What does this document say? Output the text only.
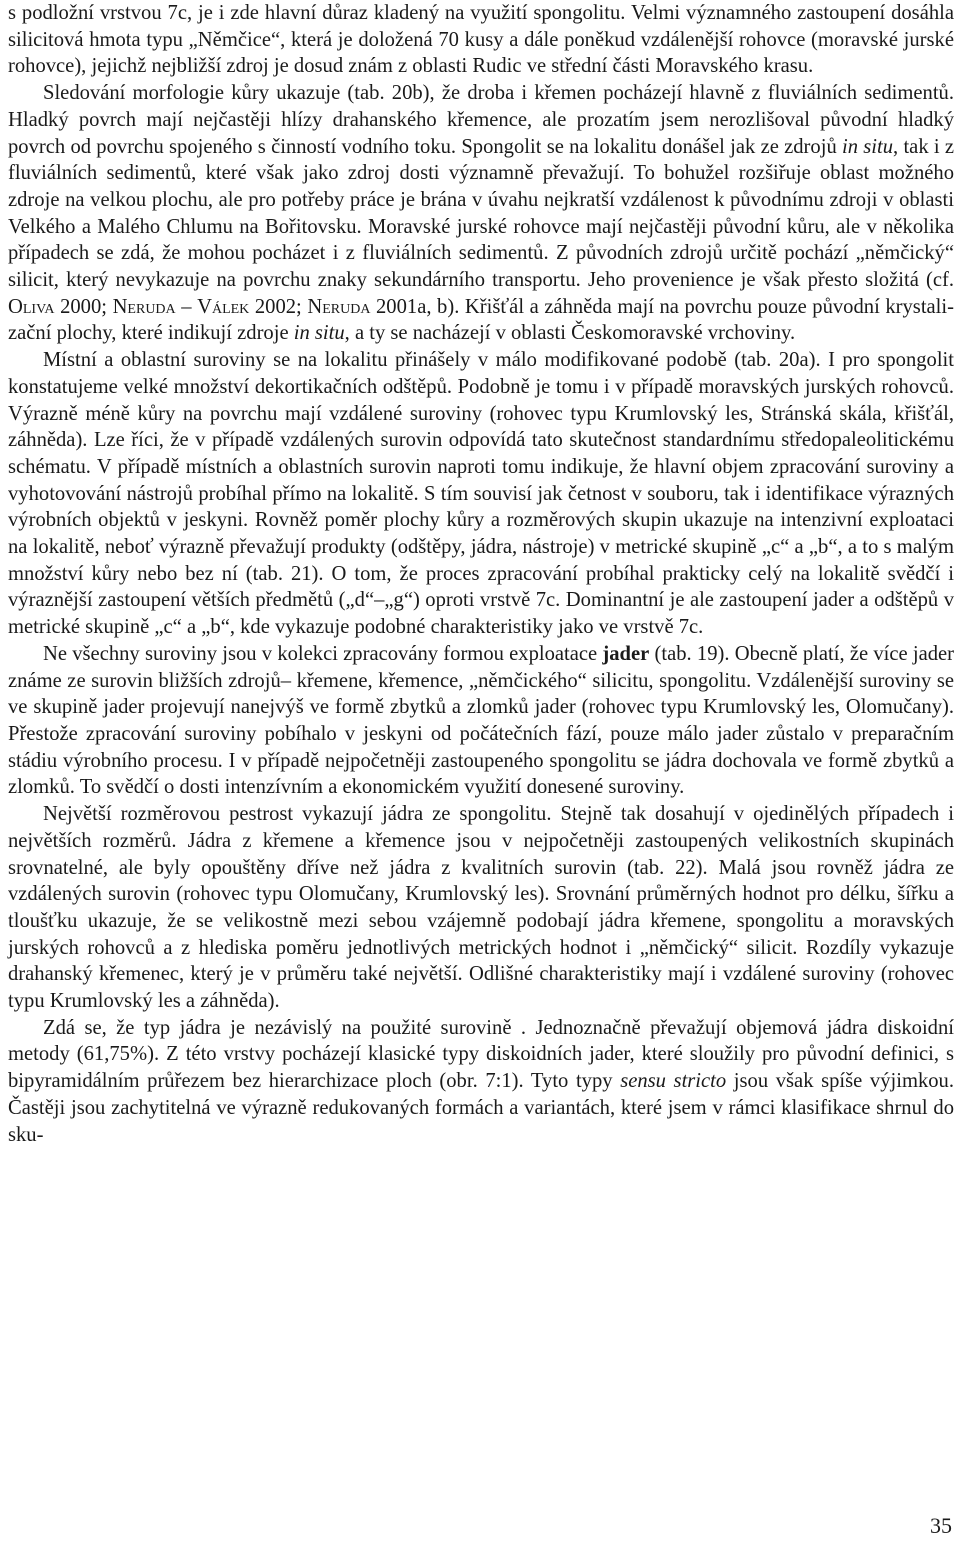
s podložní vrstvou 7c, je i zde hlavní důraz kladený na využití spongolitu. Velmi významného zastoupení dosáhla silicitová hmota typu „Němčice“, která je doložená 70 kusy a dále poněkud vzdálenější rohovce (moravské jurské rohovce), jejichž nejbližší zdroj je dosud znám z oblasti Rudic ve střední části Moravského krasu.

Sledování morfologie kůry ukazuje (tab. 20b), že droba i křemen pocházejí hlavně z fluviálních sedimentů. Hladký povrch mají nejčastěji hlízy drahanského křemence, ale prozatím jsem nerozlišoval původní hladký povrch od povrchu spojeného s činností vodního toku. Spongolit se na lokalitu donášel jak ze zdrojů in situ, tak i z fluviálních sedimentů, které však jako zdroj dosti významně převažují. To bohužel rozšiřuje oblast možného zdroje na velkou plochu, ale pro potřeby práce je brána v úvahu nejkratší vzdálenost k původnímu zdroji v oblasti Velkého a Malého Chlumu na Bořitovsku. Moravské jurské rohovce mají nejčastěji původní kůru, ale v několika případech se zdá, že mohou pocházet i z fluviálních sedimentů. Z původních zdrojů určitě pochází „němčický“ silicit, který nevykazuje na povrchu znaky sekundárního transportu. Jeho provenience je však přesto složitá (cf. Oliva 2000; Neruda – Válek 2002; Neruda 2001a, b). Křišťál a záhněda mají na povrchu pouze původní krystalizační plochy, které indikují zdroje in situ, a ty se nacházejí v oblasti Českomoravské vrchoviny.

Místní a oblastní suroviny se na lokalitu přinášely v málo modifikované podobě (tab. 20a). I pro spongolit konstatujeme velké množství dekortikačních odštěpů. Podobně je tomu i v případě moravských jurských rohovců. Výrazně méně kůry na povrchu mají vzdálené suroviny (rohovec typu Krumlovský les, Stránská skála, křišťál, záhněda). Lze říci, že v případě vzdálených surovin odpovídá tato skutečnost standardnímu středopaleolitickému schématu. V případě místních a oblastních surovin naproti tomu indikuje, že hlavní objem zpracování suroviny a vyhotovování nástrojů probíhal přímo na lokalitě. S tím souvisí jak četnost v souboru, tak i identifikace výrazných výrobních objektů v jeskyni. Rovněž poměr plochy kůry a rozměrových skupin ukazuje na intenzivní exploataci na lokalitě, neboť výrazně převažují produkty (odštěpy, jádra, nástroje) v metrické skupině „c“ a „b“, a to s malým množství kůry nebo bez ní (tab. 21). O tom, že proces zpracování probíhal prakticky celý na lokalitě svědčí i výraznější zastoupení větších předmětů („d“–„g“) oproti vrstvě 7c. Dominantní je ale zastoupení jader a odštěpů v metrické skupině „c“ a „b“, kde vykazuje podobné charakteristiky jako ve vrstvě 7c.

Ne všechny suroviny jsou v kolekci zpracovány formou exploatace jader (tab. 19). Obecně platí, že více jader známe ze surovin bližších zdrojů– křemene, křemence, „němčického“ silicitu, spongolitu. Vzdálenější suroviny se ve skupině jader projevují nanejvýš ve formě zbytků a zlomků jader (rohovec typu Krumlovský les, Olomučany). Přestože zpracování suroviny pobíhalo v jeskyni od počátečních fází, pouze málo jader zůstalo v preparačním stádiu výrobního procesu. I v případě nejpočetněji zastoupeného spongolitu se jádra dochovala ve formě zbytků a zlomků. To svědčí o dosti intenzívním a ekonomickém využití donesené suroviny.

Největší rozměrovou pestrost vykazují jádra ze spongolitu. Stejně tak dosahují v ojedinělých případech i největších rozměrů. Jádra z křemene a křemence jsou v nejpočetněji zastoupených velikostních skupinách srovnatelné, ale byly opouštěny dříve než jádra z kvalitních surovin (tab. 22). Malá jsou rovněž jádra ze vzdálených surovin (rohovec typu Olomučany, Krumlovský les). Srovnání průměrných hodnot pro délku, šířku a tloušťku ukazuje, že se velikostně mezi sebou vzájemně podobají jádra křemene, spongolitu a moravských jurských rohovců a z hlediska poměru jednotlivých metrických hodnot i „němčický“ silicit. Rozdíly vykazuje drahanský křemenec, který je v průměru také největší. Odlišné charakteristiky mají i vzdálené suroviny (rohovec typu Krumlovský les a záhněda).

Zdá se, že typ jádra je nezávislý na použité surovině . Jednoznačně převažují objemová jádra diskoidní metody (61,75%). Z této vrstvy pocházejí klasické typy diskoidních jader, které sloužily pro původní definici, s bipyramidálním průřezem bez hierarchizace ploch (obr. 7:1). Tyto typy sensu stricto jsou však spíše výjimkou. Častěji jsou zachytitelná ve výrazně redukovaných formách a variantách, které jsem v rámci klasifikace shrnul do sku-

35
